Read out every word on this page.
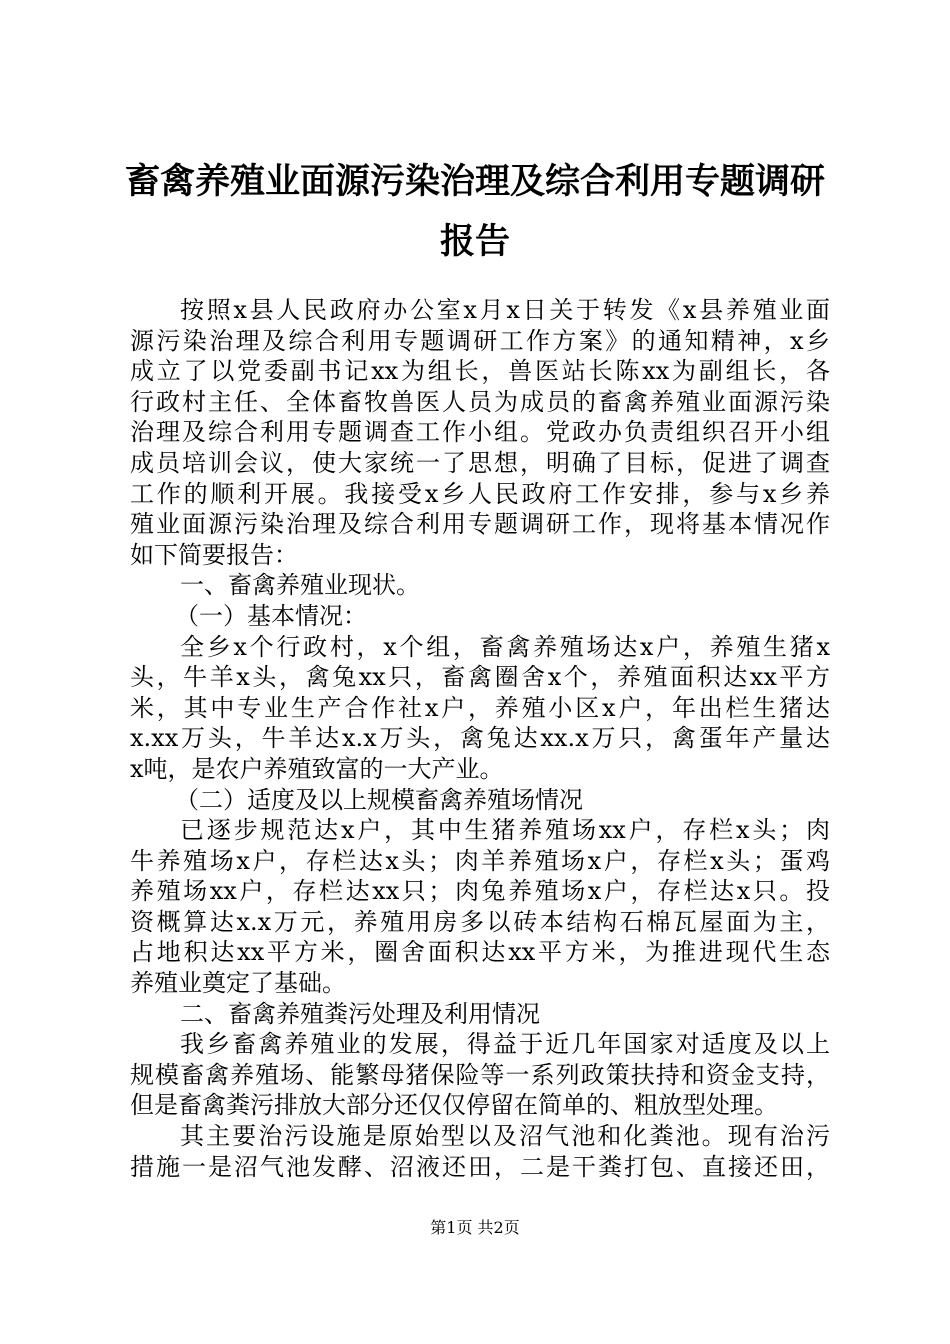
畜禽养殖业面源污染治理及综合利用专题调研
报告
按照x县人民政府办公室x月x日关于转发《x县养殖业面
源污染治理及综合利用专题调研工作方案》的通知精神，x乡
成立了以党委副书记xx为组长，兽医站长陈xx为副组长，各
行政村主任、全体畜牧兽医人员为成员的畜禽养殖业面源污染
治理及综合利用专题调查工作小组。党政办负责组织召开小组
成员培训会议，使大家统一了思想，明确了目标，促进了调查
工作的顺利开展。我接受x乡人民政府工作安排，参与x乡养
殖业面源污染治理及综合利用专题调研工作，现将基本情况作
如下简要报告：
一、畜禽养殖业现状。
（一）基本情况：
全乡x个行政村，x个组，畜禽养殖场达x户，养殖生猪x
头，牛羊x头，禽兔xx只，畜禽圈舍x个，养殖面积达xx平方
米，其中专业生产合作社x户，养殖小区x户，年出栏生猪达
x.xx万头，牛羊达x.x万头，禽兔达xx.x万只，禽蛋年产量达
x吨，是农户养殖致富的一大产业。
（二）适度及以上规模畜禽养殖场情况
已逐步规范达x户，其中生猪养殖场xx户，存栏x头；肉
牛养殖场x户，存栏达x头；肉羊养殖场x户，存栏x头；蛋鸡
养殖场xx户，存栏达xx只；肉兔养殖场x户，存栏达x只。投
资概算达x.x万元，养殖用房多以砖本结构石棉瓦屋面为主，
占地积达xx平方米，圈舍面积达xx平方米，为推进现代生态
养殖业奠定了基础。
二、畜禽养殖粪污处理及利用情况
我乡畜禽养殖业的发展，得益于近几年国家对适度及以上
规模畜禽养殖场、能繁母猪保险等一系列政策扶持和资金支持，
但是畜禽粪污排放大部分还仅仅停留在简单的、粗放型处理。
其主要治污设施是原始型以及沼气池和化粪池。现有治污
措施一是沼气池发酵、沼液还田，二是干粪打包、直接还田，
第1页 共2页
